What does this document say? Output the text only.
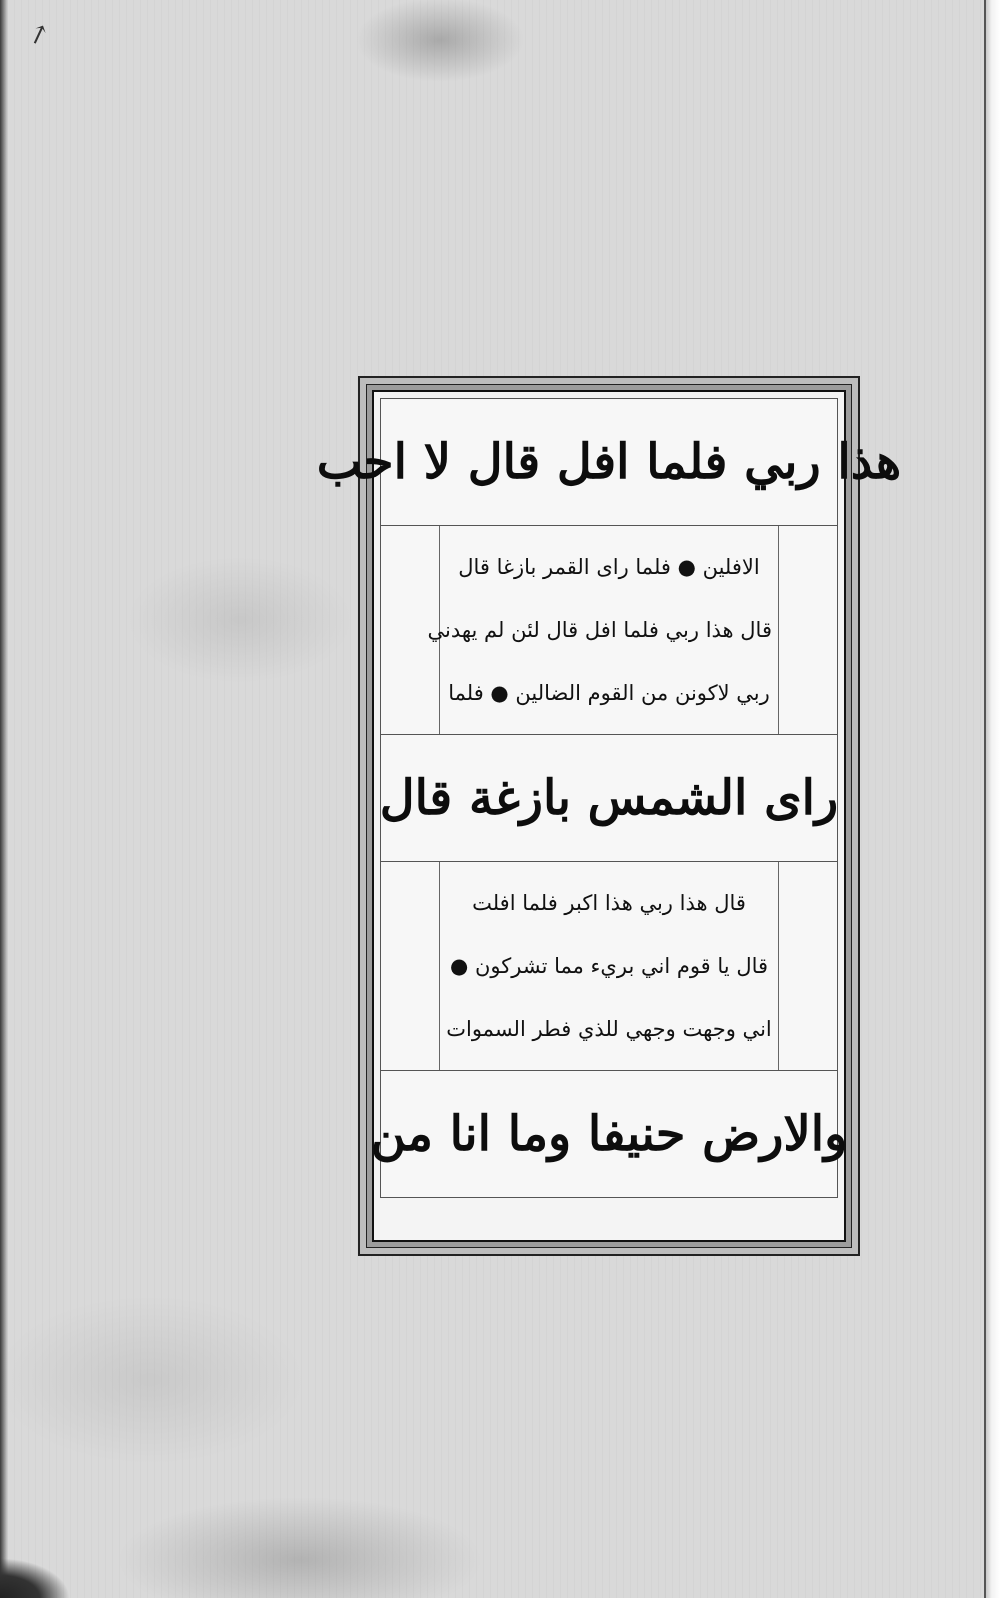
↗
هذا ربي فلما افل قال لا احب
الافلين ● فلما راى القمر بازغا قال
قال هذا ربي فلما افل قال لئن لم يهدني
ربي لاكونن من القوم الضالين ● فلما
راى الشمس بازغة قال
قال هذا ربي هذا اكبر فلما افلت
قال يا قوم اني بريء مما تشركون ●
اني وجهت وجهي للذي فطر السموات
والارض حنيفا وما انا من
